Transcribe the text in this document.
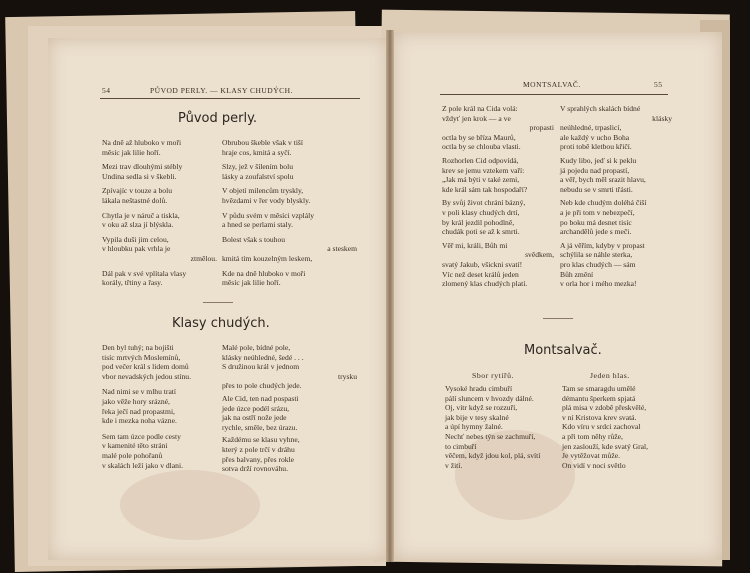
54	PŮVOD PERLY. — KLASY CHUDÝCH.
Původ perly.
Na dně až hluboko v moři
měsíc jak lilie hoří.
Mezi trav dlouhými stébly
Undina sedla si v škebli.
Zpívajíc v touze a bolu
lákala neštastné dolů.
Chytla je v náruč a tiskla,
v oku až slza jí blýskla.
Vypila duši jim celou,
v hloubku pak vrhla je
ztmělou.
Dál pak v své vplítala vlasy
korály, třtiny a řasy.
Obrubou škeble však v tiší
hraje cos, kmitá a syčí.
Slzy, jež v šílením bolu
lásky a zoufalství spolu
V objetí milencům tryskly,
hvězdami v řer vody blyskly.
V půdu svém v měsíci vzplály
a hned se perlami staly.
Bolest však s touhou
a steskem
kmitá tím kouzelným leskem,
Kde na dně hluboko v moři
měsíc jak lilie hoří.
Klasy chudých.
Den byl tuhý; na bojišti
tisíc mrtvých Moslemínů,
pod večer král s lidem domů
vbor nevadských jedou stínu.
Nad nimi se v mlhu tratí
jako věže hory srázné,
řeka ječí nad propastmi,
kde i mezka noha vázne.
Sem tam úzce podle cesty
v kamenité těto stráni
malé pole pohořanů
v skalách leží jako v dlani.
Malé pole, bídné pole,
klásky neúhledné, šedé . . .
S družinou král v jednom
trysku
přes to pole chudých jede.
Ale Cid, ten nad pospasti
jede úzce podél srázu,
jak na ostří nože jede
rychle, směle, bez úrazu.
Každému se klasu vyhne,
který z pole trčí v dráhu
přes balvany, přes rokle
sotva drží rovnováhu.
MONTSALVAČ.	55
Z pole král na Cida volá:
vždyť jen krok — a ve
propasti
octla by se bříza Maurů,
octla by se chlouba vlasti.
Rozhorlen Cid odpovídá,
krev se jemu vztekem vaří:
„Jak má býti v také zemi,
kde král sám tak hospodaří?
By svůj život chrání bázný,
v poli klasy chudých drtí,
by král jezdil pohodlně,
chudák poti se až k smrti.
Věř mi, králi, Bůh mi
svědkem,
svatý Jakub, všickni svatí!
Víc než deset králů jeden
zlomený klas chudých platí.
V sprahlých skalách bídné
klásky
neúhledné, trpaslicí,
ale každý v ucho Boha
proti tobě kletbou křičí.
Kudy libo, jeď si k peklu
já pojedu nad propastí,
a věř, bych měl srazit hlavu,
nebudu se v smrti třásti.
Neb kde chudým doléhá čiší
a je při tom v nebezpečí,
po boku má desnet tisíc
archandělů jede s meči.
A já věřím, kdyby v propast
schýlila se náhle sterka,
pro klas chudých — sám
Bůh změní
v orla hor i mého mezka!
Montsalvač.
Sbor rytířů.	Jeden hlas.
Vysoké hradu cimbuří
pálí sluncem v hvozdy dálné.
Oj, vítr když se rozzuří,
jak bije v tesy skalné
a úpí hymny žalné.
Nechť nebes týn se zachmuří,
to cimbuří
věčem, když jdou kol, plá, svítí
v žití.
Tam se smaragdu umělé
démantu šperkem spjatá
plá misa v zdobě přeskvělé,
v ní Kristova krev svatá.
Kdo víru v srdci zachoval
a při tom něhy růže,
jen zaslouží, kde svatý Gral,
Je vytěžovat může.
On vidí v noci světlo
